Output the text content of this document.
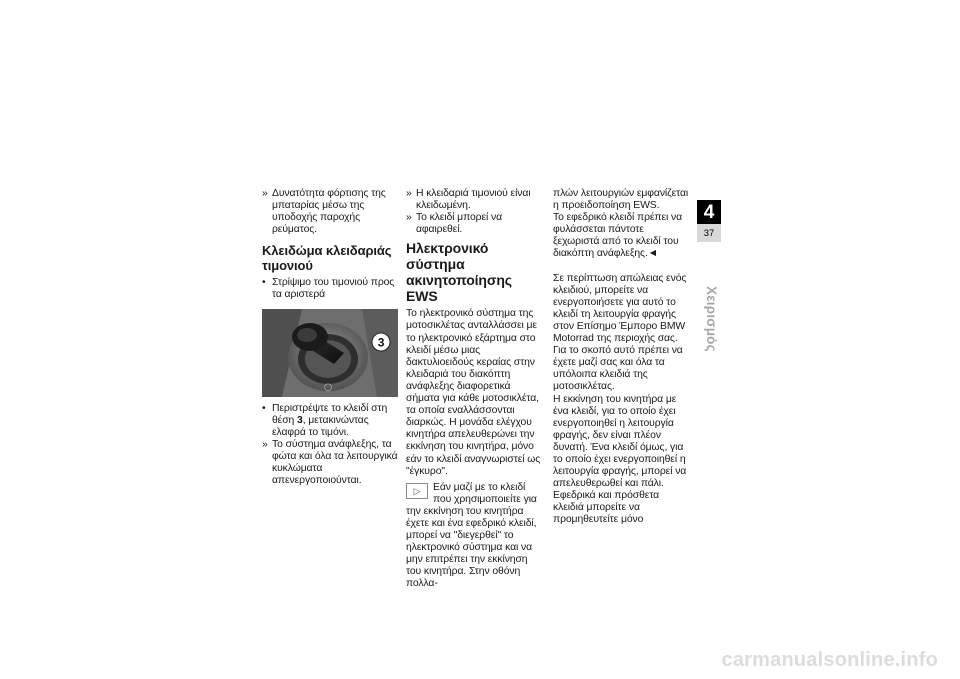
» Δυνατότητα φόρτισης της μπαταρίας μέσω της υποδοχής παροχής ρεύματος.

Κλειδώμα κλειδαριάς τιμονιού

• Στρίψιμο του τιμονιού προς τα αριστερά

◯
3

• Περιστρέψτε το κλειδί στη θέση 3, μετακινώντας ελαφρά το τιμόνι.

» Το σύστημα ανάφλεξης, τα φώτα και όλα τα λειτουργικά κυκλώματα απενεργοποιούνται.

» Η κλειδαριά τιμονιού είναι κλειδωμένη.

» Το κλειδί μπορεί να αφαιρεθεί.

Ηλεκτρονικό σύστημα ακινητοποίησης EWS

Το ηλεκτρονικό σύστημα της μοτοσικλέτας ανταλλάσσει με το ηλεκτρονικό εξάρτημα στο κλειδί μέσω μιας δακτυλιοειδούς κεραίας στην κλειδαριά του διακόπτη ανάφλεξης διαφορετικά σήματα για κάθε μοτοσικλέτα, τα οποία εναλλάσσονται διαρκώς. Η μονάδα ελέγχου κινητήρα απελευθερώνει την εκκίνηση του κινητήρα, μόνο εάν το κλειδί αναγνωριστεί ως "έγκυρο".

▷	Εάν μαζί με το κλειδί που χρησιμοποιείτε για την εκκίνηση του κινητήρα έχετε και ένα εφεδρικό κλειδί, μπορεί να "διεγερθεί" το ηλεκτρονικό σύστημα και να μην επιτρέπει την εκκίνηση του κινητήρα. Στην οθόνη πολλα-

πλών λειτουργιών εμφανίζεται η προειδοποίηση EWS.

Το εφεδρικό κλειδί πρέπει να φυλάσσεται πάντοτε ξεχωριστά από το κλειδί του διακόπτη ανάφλεξης.◄

Σε περίπτωση απώλειας ενός κλειδιού, μπορείτε να ενεργοποιήσετε για αυτό το κλειδί τη λειτουργία φραγής στον Επίσημο Έμπορο BMW Motorrad της περιοχής σας. Για το σκοπό αυτό πρέπει να έχετε μαζί σας και όλα τα υπόλοιπα κλειδιά της μοτοσικλέτας.

Η εκκίνηση του κινητήρα με ένα κλειδί, για το οποίο έχει ενεργοποιηθεί η λειτουργία φραγής, δεν είναι πλέον δυνατή. Ένα κλειδί όμως, για το οποίο έχει ενεργοποιηθεί η λειτουργία φραγής, μπορεί να απελευθερωθεί και πάλι.

Εφεδρικά και πρόσθετα κλειδιά μπορείτε να προμηθευτείτε μόνο

4
37
Χειρισμός
carmanualsonline.info
